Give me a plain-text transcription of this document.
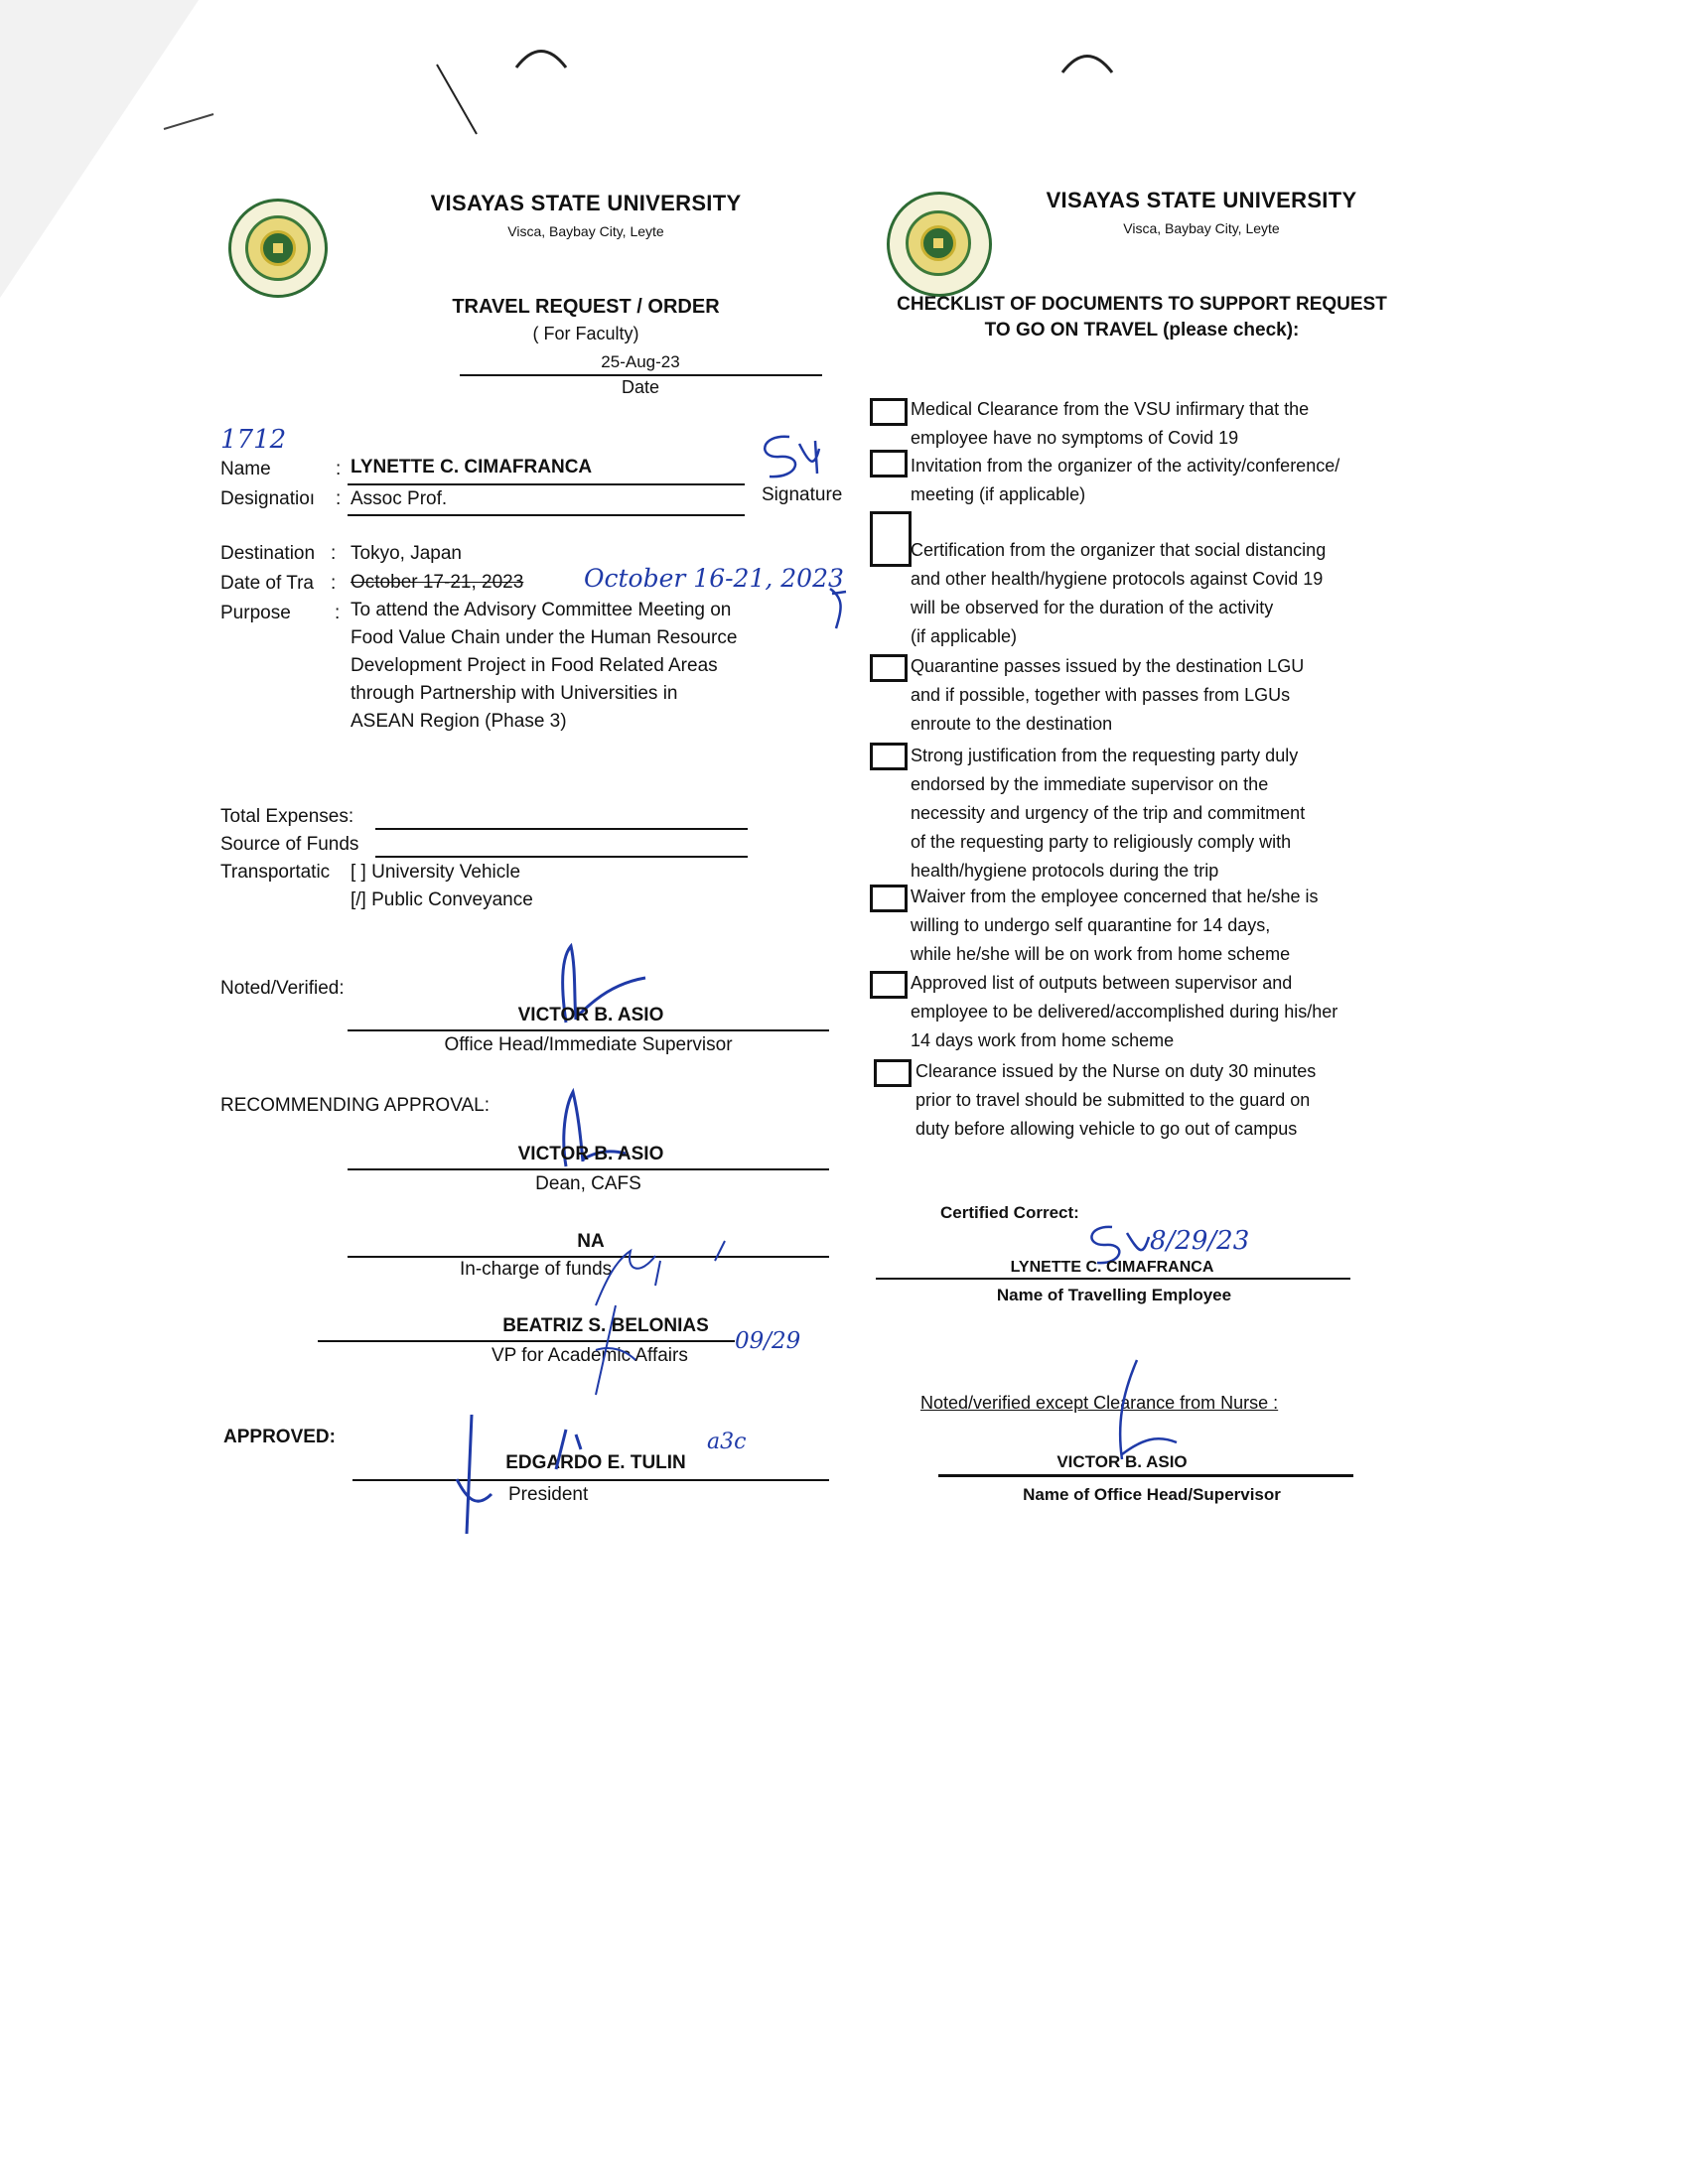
VISAYAS STATE UNIVERSITY
Visca, Baybay City, Leyte
TRAVEL REQUEST / ORDER
( For Faculty)
25-Aug-23
Date
1712
Name	: LYNETTE C. CIMAFRANCA
Signature
Designatioı : Assoc Prof.
Destination : Tokyo, Japan
Date of Tra : October 17-21, 2023 October 16-21, 2023
Purpose : To attend the Advisory Committee Meeting on
Food Value Chain under the Human Resource
Development Project in Food Related Areas
through Partnership with Universities in
ASEAN Region (Phase 3)
Total Expenses:
Source of Funds
Transportatic [ ] University Vehicle
[/] Public Conveyance
Noted/Verified:
VICTOR B. ASIO
Office Head/Immediate Supervisor
RECOMMENDING APPROVAL:
VICTOR B. ASIO
Dean, CAFS
NA
In-charge of funds
BEATRIZ S. BELONIAS
VP for Academic Affairs
09/29
APPROVED:
EDGARDO E. TULIN
President
a3c
VISAYAS STATE UNIVERSITY
Visca, Baybay City, Leyte
CHECKLIST OF DOCUMENTS TO SUPPORT REQUEST
TO GO ON TRAVEL (please check):
Medical Clearance from the VSU infirmary that the
employee have no symptoms of Covid 19
Invitation from the organizer of the activity/conference/
meeting (if applicable)
Certification from the organizer that social distancing
and other health/hygiene protocols against Covid 19
will be observed for the duration of the activity
(if applicable)
Quarantine passes issued by the destination LGU
and if possible, together with passes from LGUs
enroute to the destination
Strong justification from the requesting party duly
endorsed by the immediate supervisor on the
necessity and urgency of the trip and commitment
of the requesting party to religiously comply with
health/hygiene protocols during the trip
Waiver from the employee concerned that he/she is
willing to undergo self quarantine for 14 days,
while he/she will be on work from home scheme
Approved list of outputs between supervisor and
employee to be delivered/accomplished during his/her
14 days work from home scheme
Clearance issued by the Nurse on duty 30 minutes
prior to travel should be submitted to the guard on
duty before allowing vehicle to go out of campus
Certified Correct:
8/29/23
LYNETTE C. CIMAFRANCA
Name of Travelling Employee
Noted/verified except Clearance from Nurse :
VICTOR B. ASIO
Name of Office Head/Supervisor
